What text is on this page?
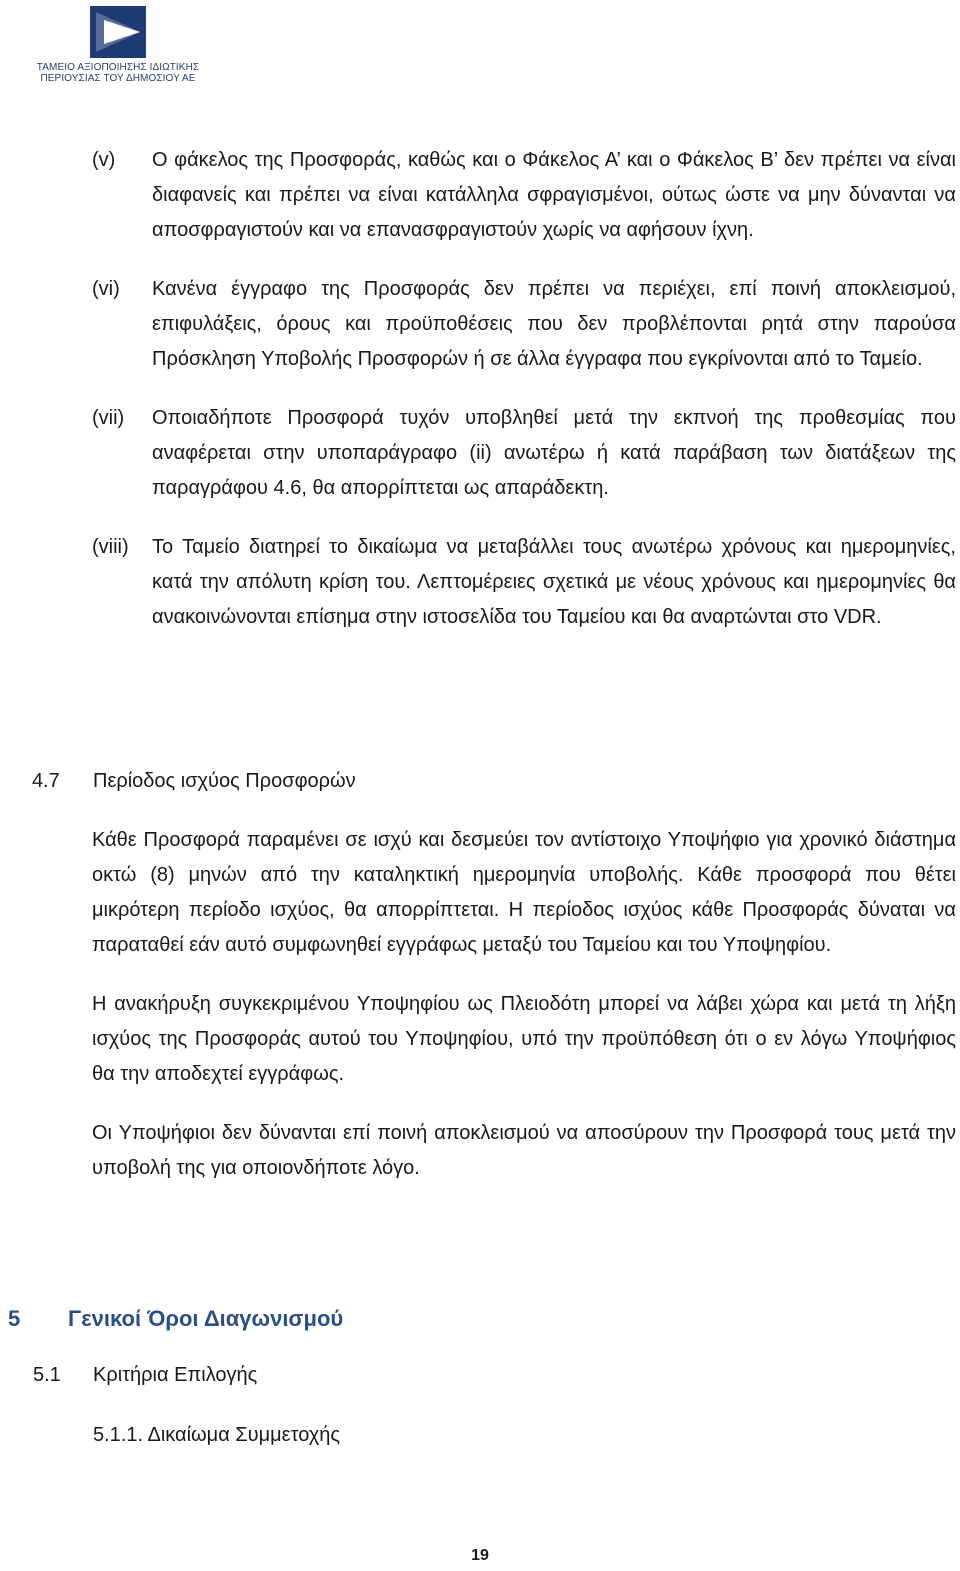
ΤΑΜΕΙΟ ΑΞΙΟΠΟΙΗΣΗΣ ΙΔΙΩΤΙΚΗΣ
ΠΕΡΙΟΥΣΙΑΣ ΤΟΥ ΔΗΜΟΣΙΟΥ ΑΕ
(v)	Ο φάκελος της Προσφοράς, καθώς και ο Φάκελος Α’ και ο Φάκελος Β’ δεν πρέπει να είναι διαφανείς και πρέπει να είναι κατάλληλα σφραγισμένοι, ούτως ώστε να μην δύνανται να αποσφραγιστούν και να επανασφραγιστούν χωρίς να αφήσουν ίχνη.
(vi)	Κανένα έγγραφο της Προσφοράς δεν πρέπει να περιέχει, επί ποινή αποκλεισμού, επιφυλάξεις, όρους και προϋποθέσεις που δεν προβλέπονται ρητά στην παρούσα Πρόσκληση Υποβολής Προσφορών ή σε άλλα έγγραφα που εγκρίνονται από το Ταμείο.
(vii)	Οποιαδήποτε Προσφορά τυχόν υποβληθεί μετά την εκπνοή της προθεσμίας που αναφέρεται στην υποπαράγραφο (ii) ανωτέρω ή κατά παράβαση των διατάξεων της παραγράφου 4.6, θα απορρίπτεται ως απαράδεκτη.
(viii)	Το Ταμείο διατηρεί το δικαίωμα να μεταβάλλει τους ανωτέρω χρόνους και ημερομηνίες, κατά την απόλυτη κρίση του. Λεπτομέρειες σχετικά με νέους χρόνους και ημερομηνίες θα ανακοινώνονται επίσημα στην ιστοσελίδα του Ταμείου και θα αναρτώνται στο VDR.
4.7 Περίοδος ισχύος Προσφορών

Κάθε Προσφορά παραμένει σε ισχύ και δεσμεύει τον αντίστοιχο Υποψήφιο για χρονικό διάστημα οκτώ (8) μηνών από την καταληκτική ημερομηνία υποβολής. Κάθε προσφορά που θέτει μικρότερη περίοδο ισχύος, θα απορρίπτεται. Η περίοδος ισχύος κάθε Προσφοράς δύναται να παραταθεί εάν αυτό συμφωνηθεί εγγράφως μεταξύ του Ταμείου και του Υποψηφίου.

Η ανακήρυξη συγκεκριμένου Υποψηφίου ως Πλειοδότη μπορεί να λάβει χώρα και μετά τη λήξη ισχύος της Προσφοράς αυτού του Υποψηφίου, υπό την προϋπόθεση ότι ο εν λόγω Υποψήφιος θα την αποδεχτεί εγγράφως.

Οι Υποψήφιοι δεν δύνανται επί ποινή αποκλεισμού να αποσύρουν την Προσφορά τους μετά την υποβολή της για οποιονδήποτε λόγο.

5 Γενικοί Όροι Διαγωνισμού
5.1 Κριτήρια Επιλογής
5.1.1. Δικαίωμα Συμμετοχής
19
